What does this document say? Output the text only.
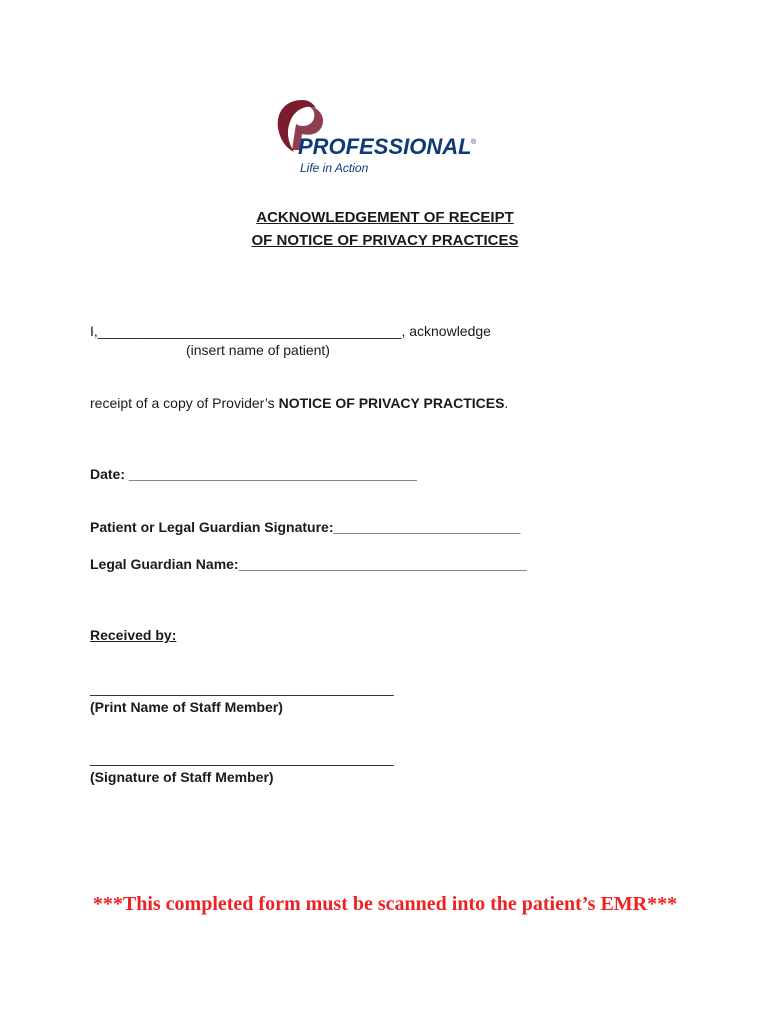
PROFESSIONAL ®
Life in Action
ACKNOWLEDGEMENT OF RECEIPT
OF NOTICE OF PRIVACY PRACTICES
I,_______________________________________, acknowledge
(insert name of patient)
receipt of a copy of Provider’s NOTICE OF PRIVACY PRACTICES.
Date: _____________________________________
Patient or Legal Guardian Signature:________________________
Legal Guardian Name:_____________________________________
Received by:
_______________________________________
(Print Name of Staff Member)
_______________________________________
(Signature of Staff Member)
***This completed form must be scanned into the patient’s EMR***
